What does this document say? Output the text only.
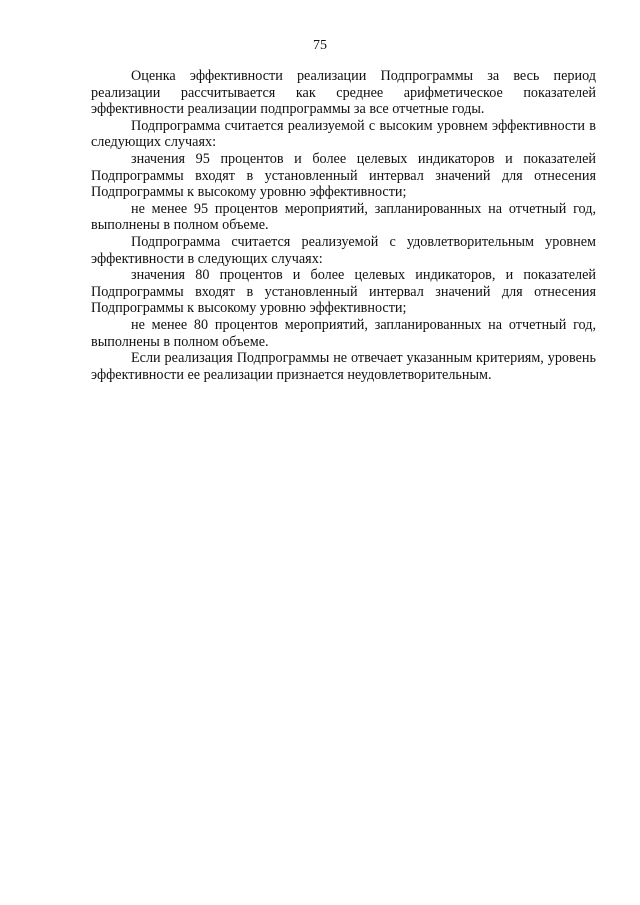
75

Оценка эффективности реализации Подпрограммы за весь период реализации рассчитывается как среднее арифметическое показателей эффективности реализации подпрограммы за все отчетные годы.

Подпрограмма считается реализуемой с высоким уровнем эффективности в следующих случаях:

значения 95 процентов и более целевых индикаторов и показателей Подпрограммы входят в установленный интервал значений для отнесения Подпрограммы к высокому уровню эффективности;

не менее 95 процентов мероприятий, запланированных на отчетный год, выполнены в полном объеме.

Подпрограмма считается реализуемой с удовлетворительным уровнем эффективности в следующих случаях:

значения 80 процентов и более целевых индикаторов, и показателей Подпрограммы входят в установленный интервал значений для отнесения Подпрограммы к высокому уровню эффективности;

не менее 80 процентов мероприятий, запланированных на отчетный год, выполнены в полном объеме.

Если реализация Подпрограммы не отвечает указанным критериям, уровень эффективности ее реализации признается неудовлетворительным.
